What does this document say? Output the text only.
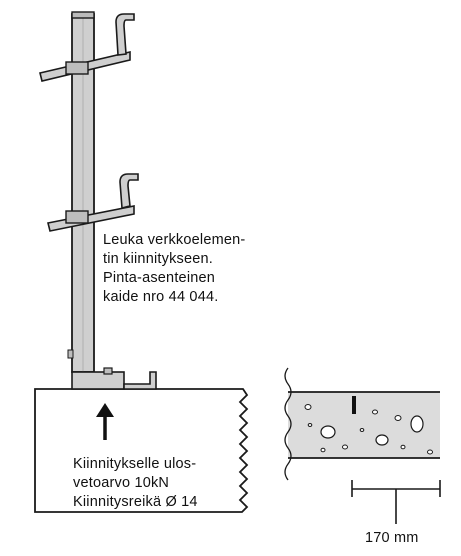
Leuka verkkoelemen-
tin kiinnitykseen.
Pinta-asenteinen
kaide nro 44 044.
Kiinnitykselle ulos-
vetoarvo 10kN
Kiinnitysreikä Ø 14
170 mm
